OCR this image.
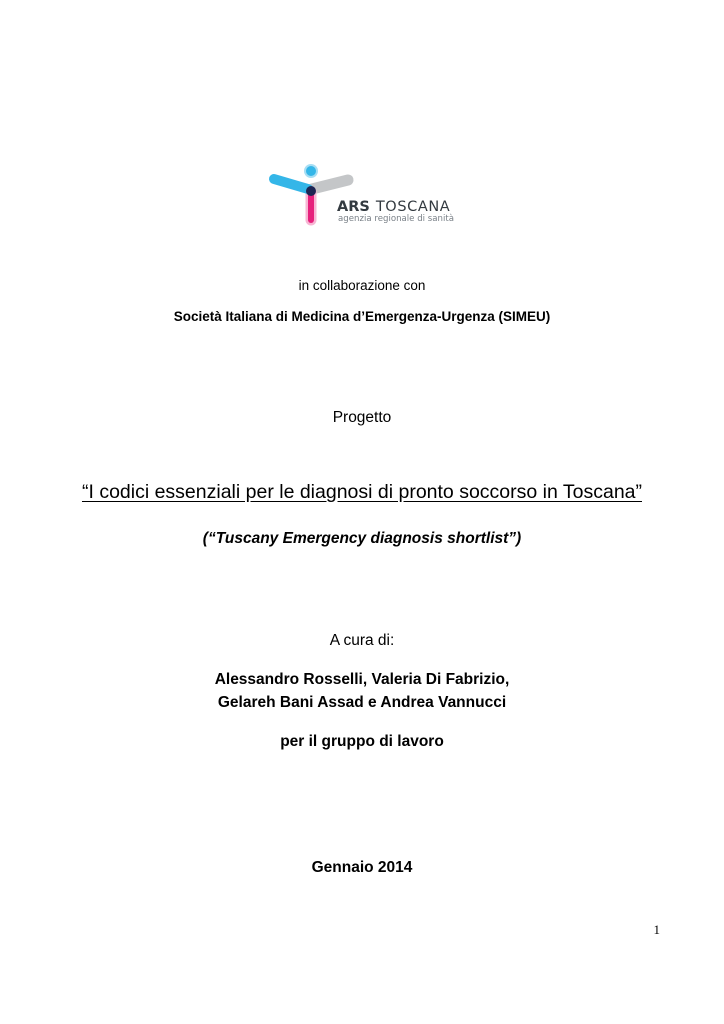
ARS TOSCANA
agenzia regionale di sanità
in collaborazione con
Società Italiana di Medicina d’Emergenza-Urgenza (SIMEU)
Progetto
“I codici essenziali per le diagnosi di pronto soccorso in Toscana”
(“Tuscany Emergency diagnosis shortlist”)
A cura di:
Alessandro Rosselli, Valeria Di Fabrizio,
Gelareh Bani Assad e Andrea Vannucci
per il gruppo di lavoro
Gennaio 2014
1
